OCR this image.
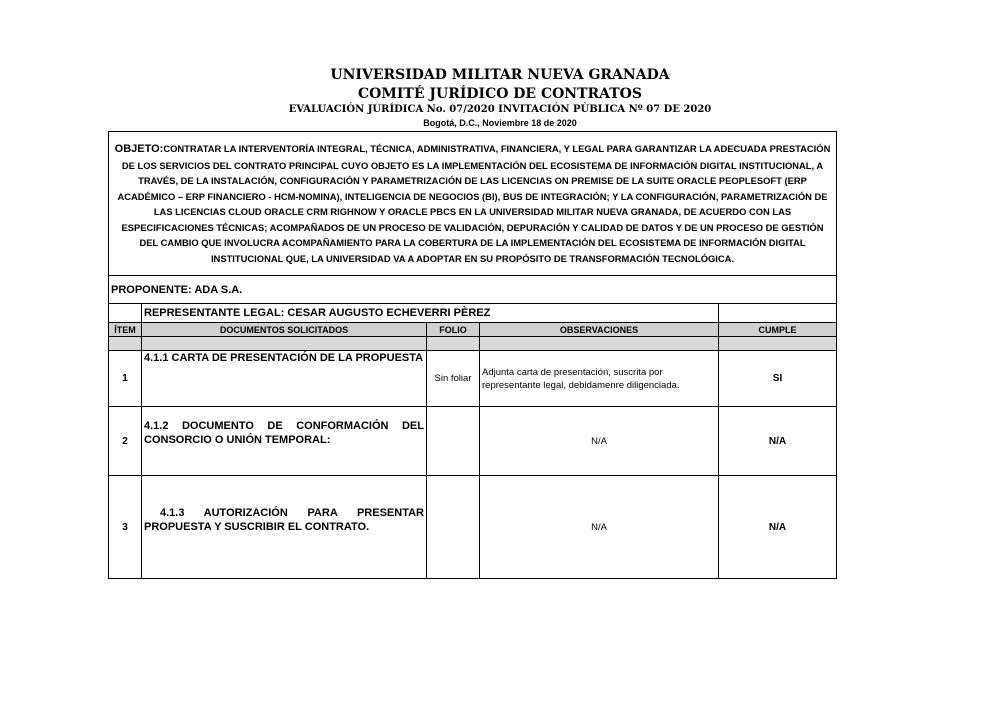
UNIVERSIDAD MILITAR NUEVA GRANADA
COMITÉ JURÍDICO DE CONTRATOS
EVALUACIÓN JURÍDICA No. 07/2020 INVITACIÓN PÙBLICA Nº 07 DE 2020
Bogotá, D.C., Noviembre 18 de 2020
OBJETO:CONTRATAR LA INTERVENTORÍA INTEGRAL, TÉCNICA, ADMINISTRATIVA, FINANCIERA, Y LEGAL PARA GARANTIZAR LA ADECUADA PRESTACIÓN DE LOS SERVICIOS DEL CONTRATO PRINCIPAL CUYO OBJETO ES LA IMPLEMENTACIÓN DEL ECOSISTEMA DE INFORMACIÓN DIGITAL INSTITUCIONAL, A TRAVÉS, DE LA INSTALACIÓN, CONFIGURACIÓN Y PARAMETRIZACIÓN DE LAS LICENCIAS ON PREMISE DE LA SUITE ORACLE PEOPLESOFT (ERP ACADÉMICO – ERP FINANCIERO - HCM-NOMINA), INTELIGENCIA DE NEGOCIOS (BI), BUS DE INTEGRACIÓN; Y LA CONFIGURACIÓN, PARAMETRIZACIÓN DE LAS LICENCIAS CLOUD ORACLE CRM RIGHNOW Y ORACLE PBCS EN LA UNIVERSIDAD MILITAR NUEVA GRANADA, DE ACUERDO CON LAS ESPECIFICACIONES TÉCNICAS; ACOMPAÑADOS DE UN PROCESO DE VALIDACIÓN, DEPURACIÓN Y CALIDAD DE DATOS Y DE UN PROCESO DE GESTIÓN DEL CAMBIO QUE INVOLUCRA ACOMPAÑAMIENTO PARA LA COBERTURA DE LA IMPLEMENTACIÓN DEL ECOSISTEMA DE INFORMACIÓN DIGITAL INSTITUCIONAL QUE, LA UNIVERSIDAD VA A ADOPTAR EN SU PROPÓSITO DE TRANSFORMACIÓN TECNOLÓGICA.				
PROPONENTE: ADA S.A.				
	REPRESENTANTE LEGAL: CESAR AUGUSTO ECHEVERRI PÈREZ			
ÍTEM	DOCUMENTOS SOLICITADOS	FOLIO	OBSERVACIONES	CUMPLE

1	4.1.1 CARTA DE PRESENTACIÓN DE LA PROPUESTA	Sin foliar	Adjunta carta de presentación, suscrita por representante legal, debidamenre diligenciada.	SI
2	4.1.2 DOCUMENTO DE CONFORMACIÓN DEL CONSORCIO O UNIÓN TEMPORAL:		N/A	N/A
3	4.1.3 AUTORIZACIÓN PARA PRESENTAR PROPUESTA Y SUSCRIBIR EL CONTRATO.		N/A	N/A
